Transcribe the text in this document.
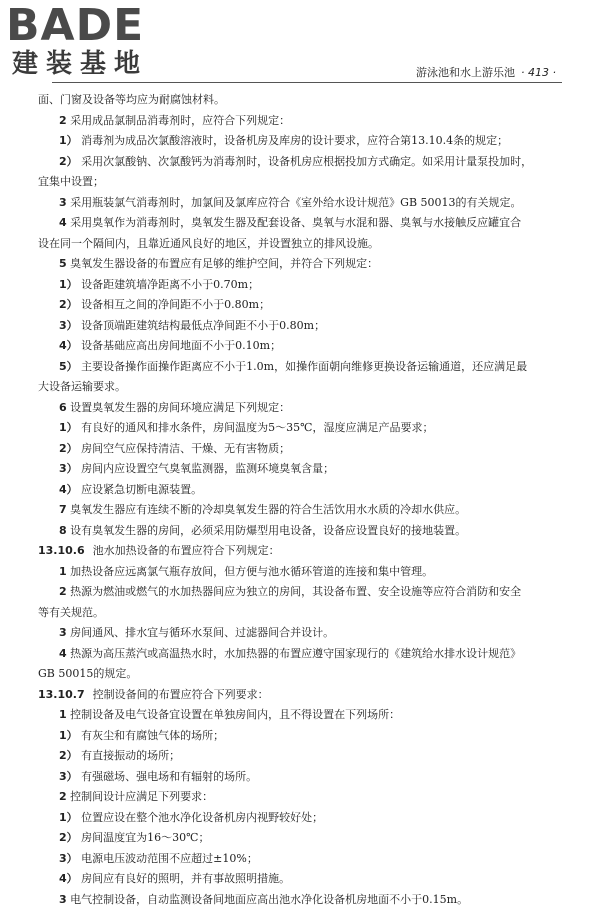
BADE
建装基地	游泳池和水上游乐池 · 413 ·
面、门窗及设备等均应为耐腐蚀材料。
2 采用成品氯制品消毒剂时，应符合下列规定：
1） 消毒剂为成品次氯酸溶液时，设备机房及库房的设计要求，应符合第13.10.4条的规定；
2） 采用次氯酸钠、次氯酸钙为消毒剂时，设备机房应根据投加方式确定。如采用计量泵投加时，
宜集中设置；
3 采用瓶装氯气消毒剂时，加氯间及氯库应符合《室外给水设计规范》GB 50013的有关规定。
4 采用臭氧作为消毒剂时，臭氧发生器及配套设备、臭氧与水混和器、臭氧与水接触反应罐宜合
设在同一个隔间内，且靠近通风良好的地区，并设置独立的排风设施。
5 臭氧发生器设备的布置应有足够的维护空间，并符合下列规定：
1） 设备距建筑墙净距离不小于0.70m；
2） 设备相互之间的净间距不小于0.80m；
3） 设备顶端距建筑结构最低点净间距不小于0.80m；
4） 设备基础应高出房间地面不小于0.10m；
5） 主要设备操作面操作距离应不小于1.0m，如操作面朝向维修更换设备运输通道，还应满足最
大设备运输要求。
6 设置臭氧发生器的房间环境应满足下列规定：
1） 有良好的通风和排水条件，房间温度为5～35℃，湿度应满足产品要求；
2） 房间空气应保持清洁、干燥、无有害物质；
3） 房间内应设置空气臭氧监测器，监测环境臭氧含量；
4） 应设紧急切断电源装置。
7 臭氧发生器应有连续不断的冷却臭氧发生器的符合生活饮用水水质的冷却水供应。
8 设有臭氧发生器的房间，必须采用防爆型用电设备，设备应设置良好的接地装置。
13.10.6 池水加热设备的布置应符合下列规定：
1 加热设备应远离氯气瓶存放间，但方便与池水循环管道的连接和集中管理。
2 热源为燃油或燃气的水加热器间应为独立的房间，其设备布置、安全设施等应符合消防和安全
等有关规范。
3 房间通风、排水宜与循环水泵间、过滤器间合并设计。
4 热源为高压蒸汽或高温热水时，水加热器的布置应遵守国家现行的《建筑给水排水设计规范》
GB 50015的规定。
13.10.7 控制设备间的布置应符合下列要求：
1 控制设备及电气设备宜设置在单独房间内，且不得设置在下列场所：
1） 有灰尘和有腐蚀气体的场所；
2） 有直接振动的场所；
3） 有强磁场、强电场和有辐射的场所。
2 控制间设计应满足下列要求：
1） 位置应设在整个池水净化设备机房内视野较好处；
2） 房间温度宜为16～30℃；
3） 电源电压波动范围不应超过±10%；
4） 房间应有良好的照明，并有事故照明措施。
3 电气控制设备，自动监测设备间地面应高出池水净化设备机房地面不小于0.15m。
